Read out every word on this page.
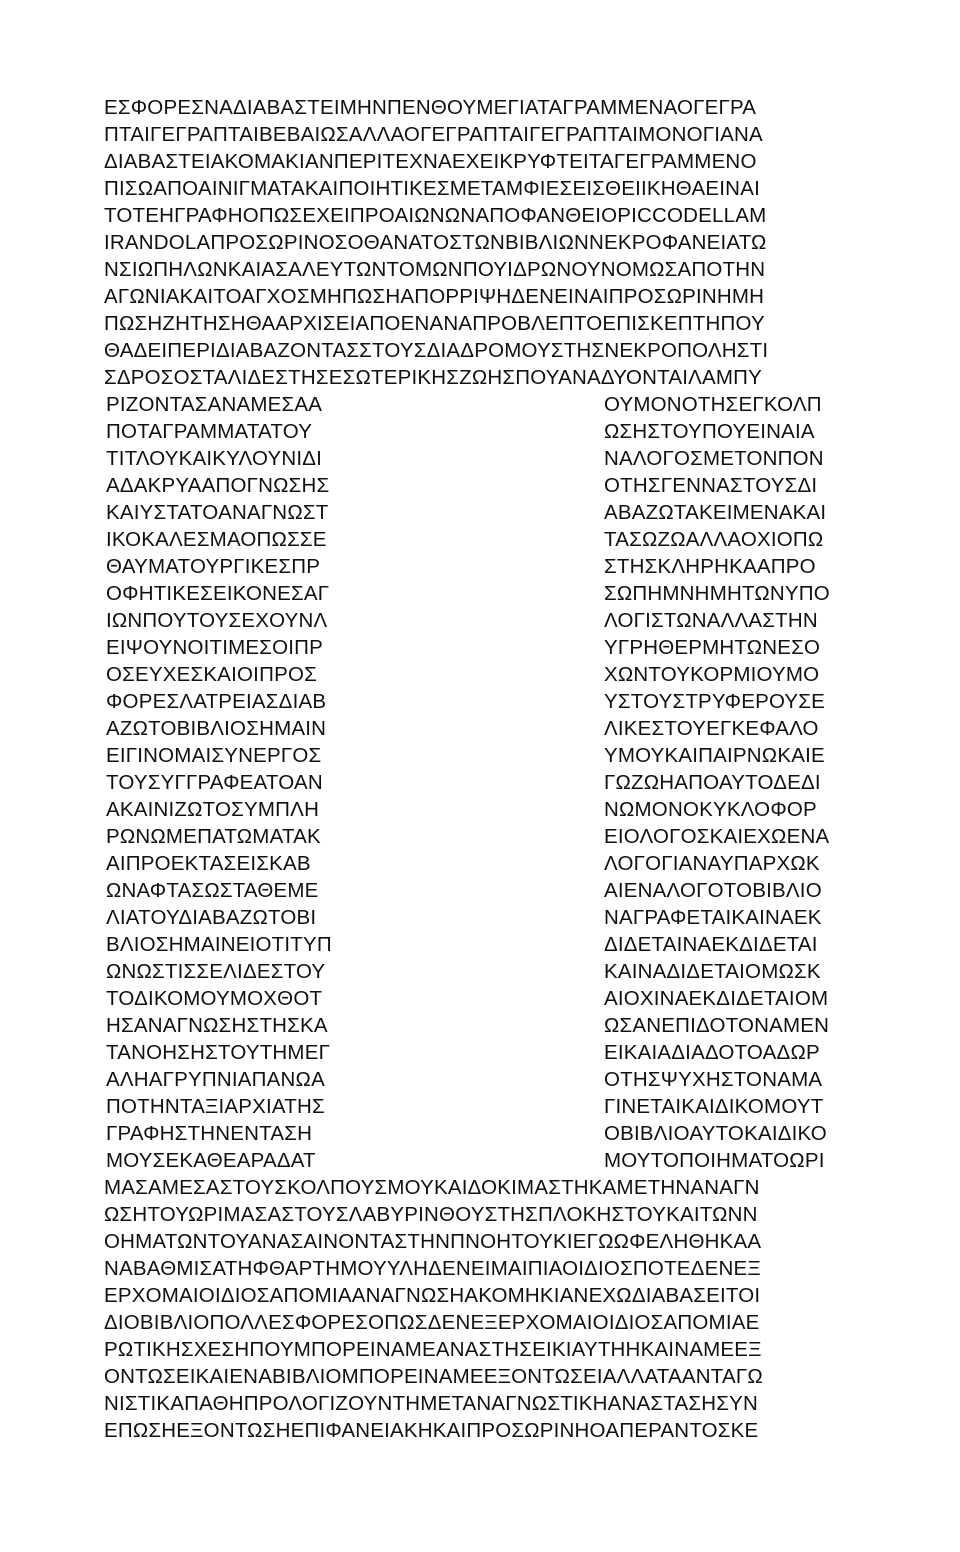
ΕΣΦΟΡΕΣΝΑΔΙΑΒΑΣΤΕΙΜΗΝΠΕΝΘΟΥΜΕΓΙΑΤΑΓΡΑΜΜΕΝΑΟΓΕΓΡΑ
ΠΤΑΙΓΕΓΡΑΠΤΑΙΒΕΒΑΙΩΣΑΛΛΑΟΓΕΓΡΑΠΤΑΙΓΕΓΡΑΠΤΑΙΜΟΝΟΓΙΑΝΑ
ΔΙΑΒΑΣΤΕΙΑΚΟΜΑΚΙΑΝΠΕΡΙΤΕΧΝΑΕΧΕΙΚΡΥΦΤΕΙΤΑΓΕΓΡΑΜΜΕΝΟ
ΠΙΣΩΑΠΟΑΙΝΙΓΜΑΤΑΚΑΙΠΟΙΗΤΙΚΕΣΜΕΤΑΜΦΙΕΣΕΙΣΘΕΙΙΚΗΘΑΕΙΝΑΙ
ΤΟΤΕΗΓΡΑΦΗΟΠΩΣΕΧΕΙΠΡΟΑΙΩΝΩΝΑΠΟΦΑΝΘΕΙΟΡΙCCODELLAM
IRANDOLAΠΡΟΣΩΡΙΝΟΣΟΘΑΝΑΤΟΣΤΩΝΒΙΒΛΙΩΝΝΕΚΡΟΦΑΝΕΙΑΤΩ
ΝΣΙΩΠΗΛΩΝΚΑΙΑΣΑΛΕΥΤΩΝΤΟΜΩΝΠΟΥΙΔΡΩΝΟΥΝΟΜΩΣΑΠΟΤΗΝ
ΑΓΩΝΙΑΚΑΙΤΟΑΓΧΟΣΜΗΠΩΣΗΑΠΟΡΡΙΨΗΔΕΝΕΙΝΑΙΠΡΟΣΩΡΙΝΗΜΗ
ΠΩΣΗΖΗΤΗΣΗΘΑΑΡΧΙΣΕΙΑΠΟΕΝΑΝΑΠΡΟΒΛΕΠΤΟΕΠΙΣΚΕΠΤΗΠΟΥ
ΘΑΔΕΙΠΕΡΙΔΙΑΒΑΖΟΝΤΑΣΣΤΟΥΣΔΙΑΔΡΟΜΟΥΣΤΗΣΝΕΚΡΟΠΟΛΗΣΤΙ
ΣΔΡΟΣΟΣΤΑΛΙΔΕΣΤΗΣΕΣΩΤΕΡΙΚΗΣΖΩΗΣΠΟΥΑΝΑΔΥΟΝΤΑΙΛΑΜΠΥ
ΡΙΖΟΝΤΑΣΑΝΑΜΕΣΑΑ
ΠΟΤΑΓΡΑΜΜΑΤΑΤΟΥ
ΤΙΤΛΟΥΚΑΙΚΥΛΟΥΝΙΔΙ
ΑΔΑΚΡΥΑΑΠΟΓΝΩΣΗΣ
ΚΑΙΥΣΤΑΤΟΑΝΑΓΝΩΣΤ
ΙΚΟΚΑΛΕΣΜΑΟΠΩΣΣΕ
ΘΑΥΜΑΤΟΥΡΓΙΚΕΣΠΡ
ΟΦΗΤΙΚΕΣΕΙΚΟΝΕΣΑΓ
ΙΩΝΠΟΥΤΟΥΣΕΧΟΥΝΛ
ΕΙΨΟΥΝΟΙΤΙΜΕΣΟΙΠΡ
ΟΣΕΥΧΕΣΚΑΙΟΙΠΡΟΣ
ΦΟΡΕΣΛΑΤΡΕΙΑΣΔΙΑΒ
ΑΖΩΤΟΒΙΒΛΙΟΣΗΜΑΙΝ
ΕΙΓΙΝΟΜΑΙΣΥΝΕΡΓΟΣ
ΤΟΥΣΥΓΓΡΑΦΕΑΤΟΑΝ
ΑΚΑΙΝΙΖΩΤΟΣΥΜΠΛΗ
ΡΩΝΩΜΕΠΑΤΩΜΑΤΑΚ
ΑΙΠΡΟΕΚΤΑΣΕΙΣΚΑΒ
ΩΝΑΦΤΑΣΩΣΤΑΘΕΜΕ
ΛΙΑΤΟΥΔΙΑΒΑΖΩΤΟΒΙ
ΒΛΙΟΣΗΜΑΙΝΕΙΟΤΙΤΥΠ
ΩΝΩΣΤΙΣΣΕΛΙΔΕΣΤΟΥ
ΤΟΔΙΚΟΜΟΥΜΟΧΘΟΤ
ΗΣΑΝΑΓΝΩΣΗΣΤΗΣΚΑ
ΤΑΝΟΗΣΗΣΤΟΥΤΗΜΕΓ
ΑΛΗΑΓΡΥΠΝΙΑΠΑΝΩΑ
ΠΟΤΗΝΤΑΞΙΑΡΧΙΑΤΗΣ
ΓΡΑΦΗΣΤΗΝΕΝΤΑΣΗ
ΜΟΥΣΕΚΑΘΕΑΡΑΔΑΤ
ΟΥΜΟΝΟΤΗΣΕΓΚΟΛΠ
ΩΣΗΣΤΟΥΠΟΥΕΙΝΑΙΑ
ΝΑΛΟΓΟΣΜΕΤΟΝΠΟΝ
ΟΤΗΣΓΕΝΝΑΣΤΟΥΣΔΙ
ΑΒΑΖΩΤΑΚΕΙΜΕΝΑΚΑΙ
ΤΑΣΩΖΩΑΛΛΑΟΧΙΟΠΩ
ΣΤΗΣΚΛΗΡΗΚΑΑΠΡΟ
ΣΩΠΗΜΝΗΜΗΤΩΝΥΠΟ
ΛΟΓΙΣΤΩΝΑΛΛΑΣΤΗΝ
ΥΓΡΗΘΕΡΜΗΤΩΝΕΣΟ
ΧΩΝΤΟΥΚΟΡΜΙΟΥΜΟ
ΥΣΤΟΥΣΤΡΥΦΕΡΟΥΣΕ
ΛΙΚΕΣΤΟΥΕΓΚΕΦΑΛΟ
ΥΜΟΥΚΑΙΠΑΙΡΝΩΚΑΙΕ
ΓΩΖΩΗΑΠΟΑΥΤΟΔΕΔΙ
ΝΩΜΟΝΟΚΥΚΛΟΦΟΡ
ΕΙΟΛΟΓΟΣΚΑΙΕΧΩΕΝΑ
ΛΟΓΟΓΙΑΝΑΥΠΑΡΧΩΚ
ΑΙΕΝΑΛΟΓΟΤΟΒΙΒΛΙΟ
ΝΑΓΡΑΦΕΤΑΙΚΑΙΝΑΕΚ
ΔΙΔΕΤΑΙΝΑΕΚΔΙΔΕΤΑΙ
ΚΑΙΝΑΔΙΔΕΤΑΙΟΜΩΣΚ
ΑΙΟΧΙΝΑΕΚΔΙΔΕΤΑΙΟΜ
ΩΣΑΝΕΠΙΔΟΤΟΝΑΜΕΝ
ΕΙΚΑΙΑΔΙΑΔΟΤΟΑΔΩΡ
ΟΤΗΣΨΥΧΗΣΤΟΝΑΜΑ
ΓΙΝΕΤΑΙΚΑΙΔΙΚΟΜΟΥΤ
ΟΒΙΒΛΙΟΑΥΤΟΚΑΙΔΙΚΟ
ΜΟΥΤΟΠΟΙΗΜΑΤΟΩΡΙ
ΜΑΣΑΜΕΣΑΣΤΟΥΣΚΟΛΠΟΥΣΜΟΥΚΑΙΔΟΚΙΜΑΣΤΗΚΑΜΕΤΗΝΑΝΑΓΝ
ΩΣΗΤΟΥΩΡΙΜΑΣΑΣΤΟΥΣΛΑΒΥΡΙΝΘΟΥΣΤΗΣΠΛΟΚΗΣΤΟΥΚΑΙΤΩΝΝ
ΟΗΜΑΤΩΝΤΟΥΑΝΑΣΑΙΝΟΝΤΑΣΤΗΝΠΝΟΗΤΟΥΚΙΕΓΩΩΦΕΛΗΘΗΚΑΑ
ΝΑΒΑΘΜΙΣΑΤΗΦΘΑΡΤΗΜΟΥΥΛΗΔΕΝΕΙΜΑΙΠΙΑΟΙΔΙΟΣΠΟΤΕΔΕΝΕΞ
ΕΡΧΟΜΑΙΟΙΔΙΟΣΑΠΟΜΙΑΑΝΑΓΝΩΣΗΑΚΟΜΗΚΙΑΝΕΧΩΔΙΑΒΑΣΕΙΤΟΙ
ΔΙΟΒΙΒΛΙΟΠΟΛΛΕΣΦΟΡΕΣΟΠΩΣΔΕΝΕΞΕΡΧΟΜΑΙΟΙΔΙΟΣΑΠΟΜΙΑΕ
ΡΩΤΙΚΗΣΧΕΣΗΠΟΥΜΠΟΡΕΙΝΑΜΕΑΝΑΣΤΗΣΕΙΚΙΑΥΤΗΗΚΑΙΝΑΜΕΕΞ
ΟΝΤΩΣΕΙΚΑΙΕΝΑΒΙΒΛΙΟΜΠΟΡΕΙΝΑΜΕΕΞΟΝΤΩΣΕΙΑΛΛΑΤΑΑΝΤΑΓΩ
ΝΙΣΤΙΚΑΠΑΘΗΠΡΟΛΟΓΙΖΟΥΝΤΗΜΕΤΑΝΑΓΝΩΣΤΙΚΗΑΝΑΣΤΑΣΗΣΥΝ
ΕΠΩΣΗΕΞΟΝΤΩΣΗΕΠΙΦΑΝΕΙΑΚΗΚΑΙΠΡΟΣΩΡΙΝΗΟΑΠΕΡΑΝΤΟΣΚΕ
